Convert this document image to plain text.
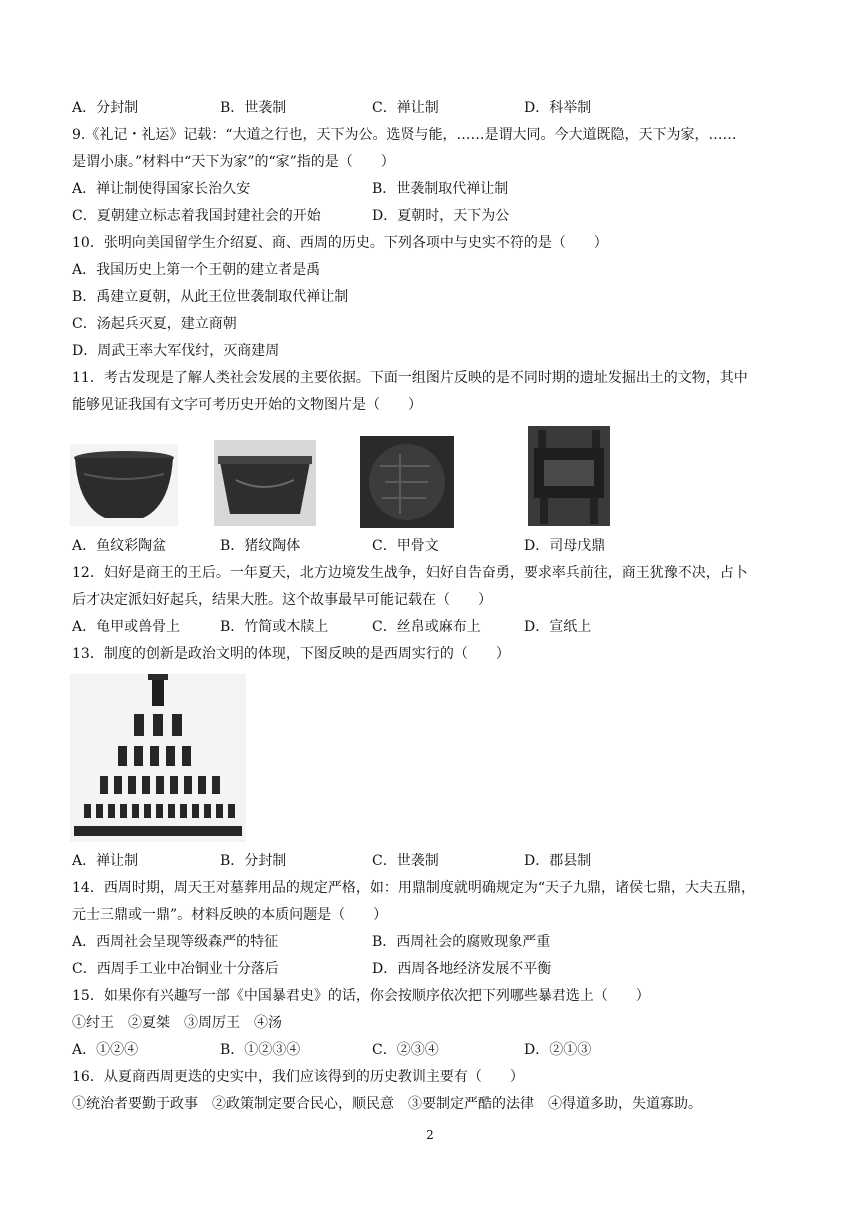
A．分封制	B．世袭制	C．禅让制	D．科举制
9.《礼记・礼运》记载：“大道之行也，天下为公。选贤与能，……是谓大同。今大道既隐，天下为家，……
是谓小康。”材料中“天下为家”的“家”指的是（　　）
A．禅让制使得国家长治久安	B．世袭制取代禅让制
C．夏朝建立标志着我国封建社会的开始	D．夏朝时，天下为公
10．张明向美国留学生介绍夏、商、西周的历史。下列各项中与史实不符的是（　　）
A．我国历史上第一个王朝的建立者是禹
B．禹建立夏朝，从此王位世袭制取代禅让制
C．汤起兵灭夏，建立商朝
D．周武王率大军伐纣，灭商建周
11．考古发现是了解人类社会发展的主要依据。下面一组图片反映的是不同时期的遗址发掘出土的文物，其中
能够见证我国有文字可考历史开始的文物图片是（　　）
A．鱼纹彩陶盆	B．猪纹陶体	C．甲骨文	D．司母戊鼎
12．妇好是商王的王后。一年夏天，北方边境发生战争，妇好自告奋勇，要求率兵前往，商王犹豫不决，占卜
后才决定派妇好起兵，结果大胜。这个故事最早可能记载在（　　）
A．龟甲或兽骨上	B．竹简或木牍上	C．丝帛或麻布上	D．宣纸上
13．制度的创新是政治文明的体现，下图反映的是西周实行的（　　）
A．禅让制	B．分封制	C．世袭制	D．郡县制
14．西周时期，周天王对墓葬用品的规定严格，如：用鼎制度就明确规定为“天子九鼎，诸侯七鼎，大夫五鼎，
元士三鼎或一鼎”。材料反映的本质问题是（　　）
A．西周社会呈现等级森严的特征	B．西周社会的腐败现象严重
C．西周手工业中冶铜业十分落后	D．西周各地经济发展不平衡
15．如果你有兴趣写一部《中国暴君史》的话，你会按顺序依次把下列哪些暴君选上（　　）
①纣王　②夏桀　③周厉王　④汤
A．①②④	B．①②③④	C．②③④	D．②①③
16．从夏商西周更迭的史实中，我们应该得到的历史教训主要有（　　）
①统治者要勤于政事　②政策制定要合民心，顺民意　③要制定严酷的法律　④得道多助，失道寡助。
2
